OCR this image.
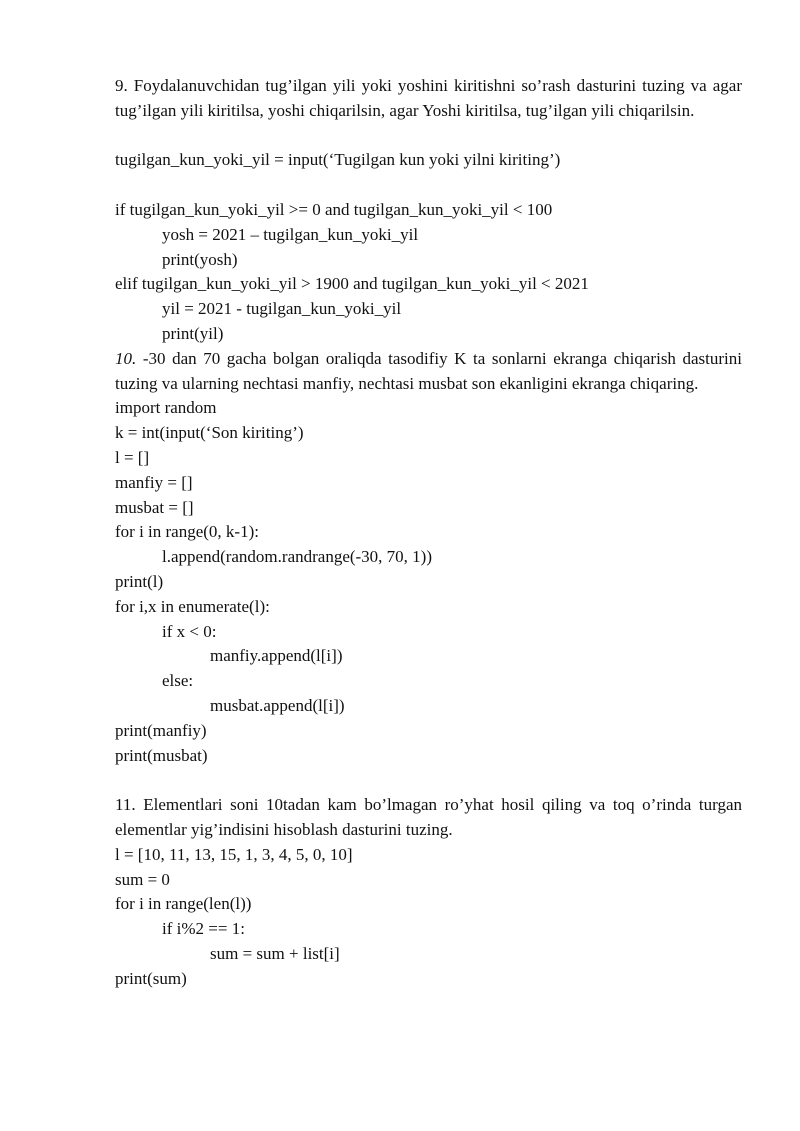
9. Foydalanuvchidan tug’ilgan yili yoki yoshini kiritishni so’rash dasturini tuzing va agar tug’ilgan yili kiritilsa, yoshi chiqarilsin, agar Yoshi kiritilsa, tug’ilgan yili chiqarilsin.

tugilgan_kun_yoki_yil = input(‘Tugilgan kun yoki yilni kiriting’)

if tugilgan_kun_yoki_yil >= 0 and tugilgan_kun_yoki_yil < 100

yosh = 2021 – tugilgan_kun_yoki_yil

print(yosh)

elif tugilgan_kun_yoki_yil > 1900 and tugilgan_kun_yoki_yil < 2021

yil = 2021 - tugilgan_kun_yoki_yil

print(yil)

10. -30 dan 70 gacha bolgan oraliqda tasodifiy K ta sonlarni ekranga chiqarish dasturini tuzing va ularning nechtasi manfiy, nechtasi musbat son ekanligini ekranga chiqaring.

import random

k = int(input(‘Son kiriting’)

l = []

manfiy = []

musbat = []

for i in range(0, k-1):

l.append(random.randrange(-30, 70, 1))

print(l)

for i,x in enumerate(l):

if x < 0:

manfiy.append(l[i])

else:

musbat.append(l[i])

print(manfiy)

print(musbat)

11. Elementlari soni 10tadan kam bo’lmagan ro’yhat hosil qiling va toq o’rinda turgan elementlar yig’indisini hisoblash dasturini tuzing.

l = [10, 11, 13, 15, 1, 3, 4, 5, 0, 10]

sum = 0

for i in range(len(l))

if i%2 == 1:

sum = sum + list[i]

print(sum)
